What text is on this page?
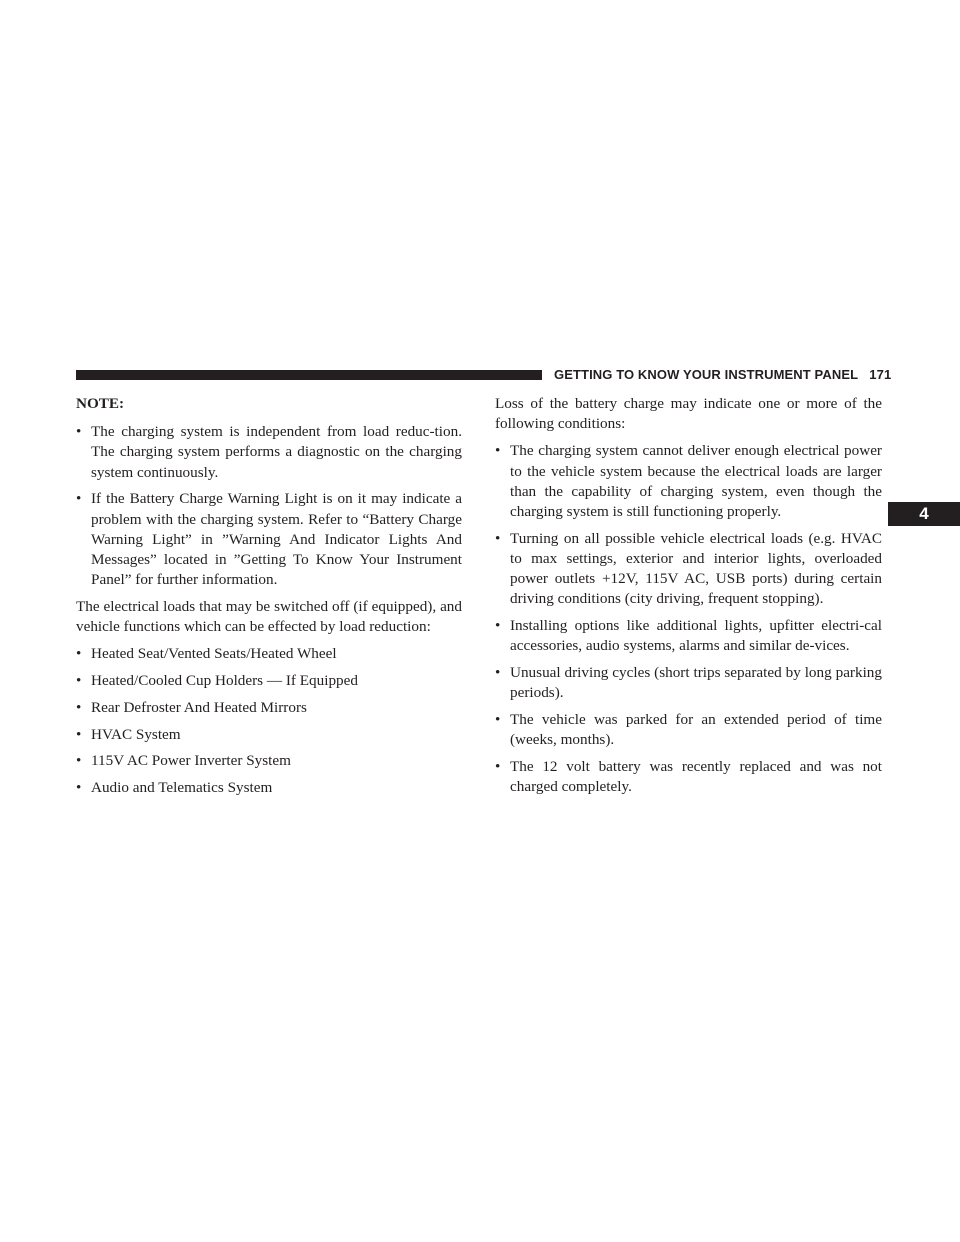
GETTING TO KNOW YOUR INSTRUMENT PANEL 171
4
NOTE:
• The charging system is independent from load reduc-tion. The charging system performs a diagnostic on the charging system continuously.
• If the Battery Charge Warning Light is on it may indicate a problem with the charging system. Refer to “Battery Charge Warning Light” in ”Warning And Indicator Lights And Messages” located in ”Getting To Know Your Instrument Panel” for further information.

The electrical loads that may be switched off (if equipped), and vehicle functions which can be effected by load reduction:

• Heated Seat/Vented Seats/Heated Wheel
• Heated/Cooled Cup Holders — If Equipped
• Rear Defroster And Heated Mirrors
• HVAC System
• 115V AC Power Inverter System
• Audio and Telematics System

Loss of the battery charge may indicate one or more of the following conditions:

• The charging system cannot deliver enough electrical power to the vehicle system because the electrical loads are larger than the capability of charging system, even though the charging system is still functioning properly.
• Turning on all possible vehicle electrical loads (e.g. HVAC to max settings, exterior and interior lights, overloaded power outlets +12V, 115V AC, USB ports) during certain driving conditions (city driving, frequent stopping).
• Installing options like additional lights, upfitter electri-cal accessories, audio systems, alarms and similar de-vices.
• Unusual driving cycles (short trips separated by long parking periods).
• The vehicle was parked for an extended period of time (weeks, months).
• The 12 volt battery was recently replaced and was not charged completely.
